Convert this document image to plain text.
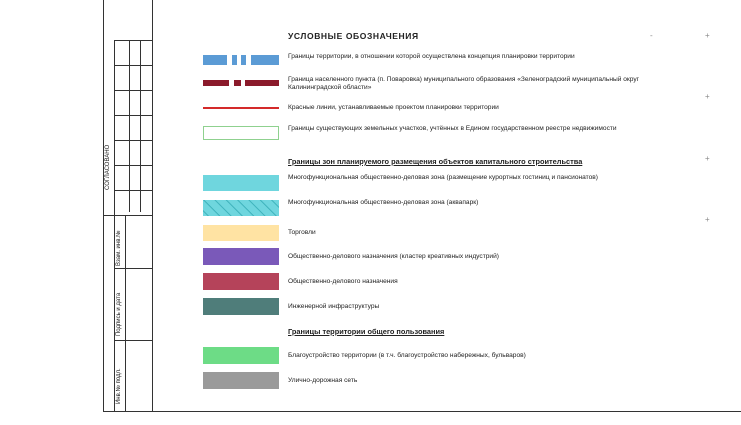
СОГЛАСОВАНО
Взам. инв.№
Подпись и дата
Инв.№ подл.
УСЛОВНЫЕ ОБОЗНАЧЕНИЯ
Границы территории, в отношении которой осуществлена концепция планировки территории
Граница населенного пункта (п. Поваровка) муниципального образования «Зеленоградский муниципальный округ Калининградской области»
Красные линии, устанавливаемые проектом планировки территории
Границы существующих земельных участков, учтённых в Едином государственном реестре недвижимости
Границы зон планируемого размещения объектов капитального строительства
Многофункциональная общественно-деловая зона (размещение курортных гостиниц и пансионатов)
Многофункциональная общественно-деловая зона (аквапарк)
Торговли
Общественно-делового назначения (кластер креативных индустрий)
Общественно-делового назначения
Инженерной инфраструктуры
Границы территории общего пользования
Благоустройство территории (в т.ч. благоустройство набережных, бульваров)
Улично-дорожная сеть
+
-
+
+
+
